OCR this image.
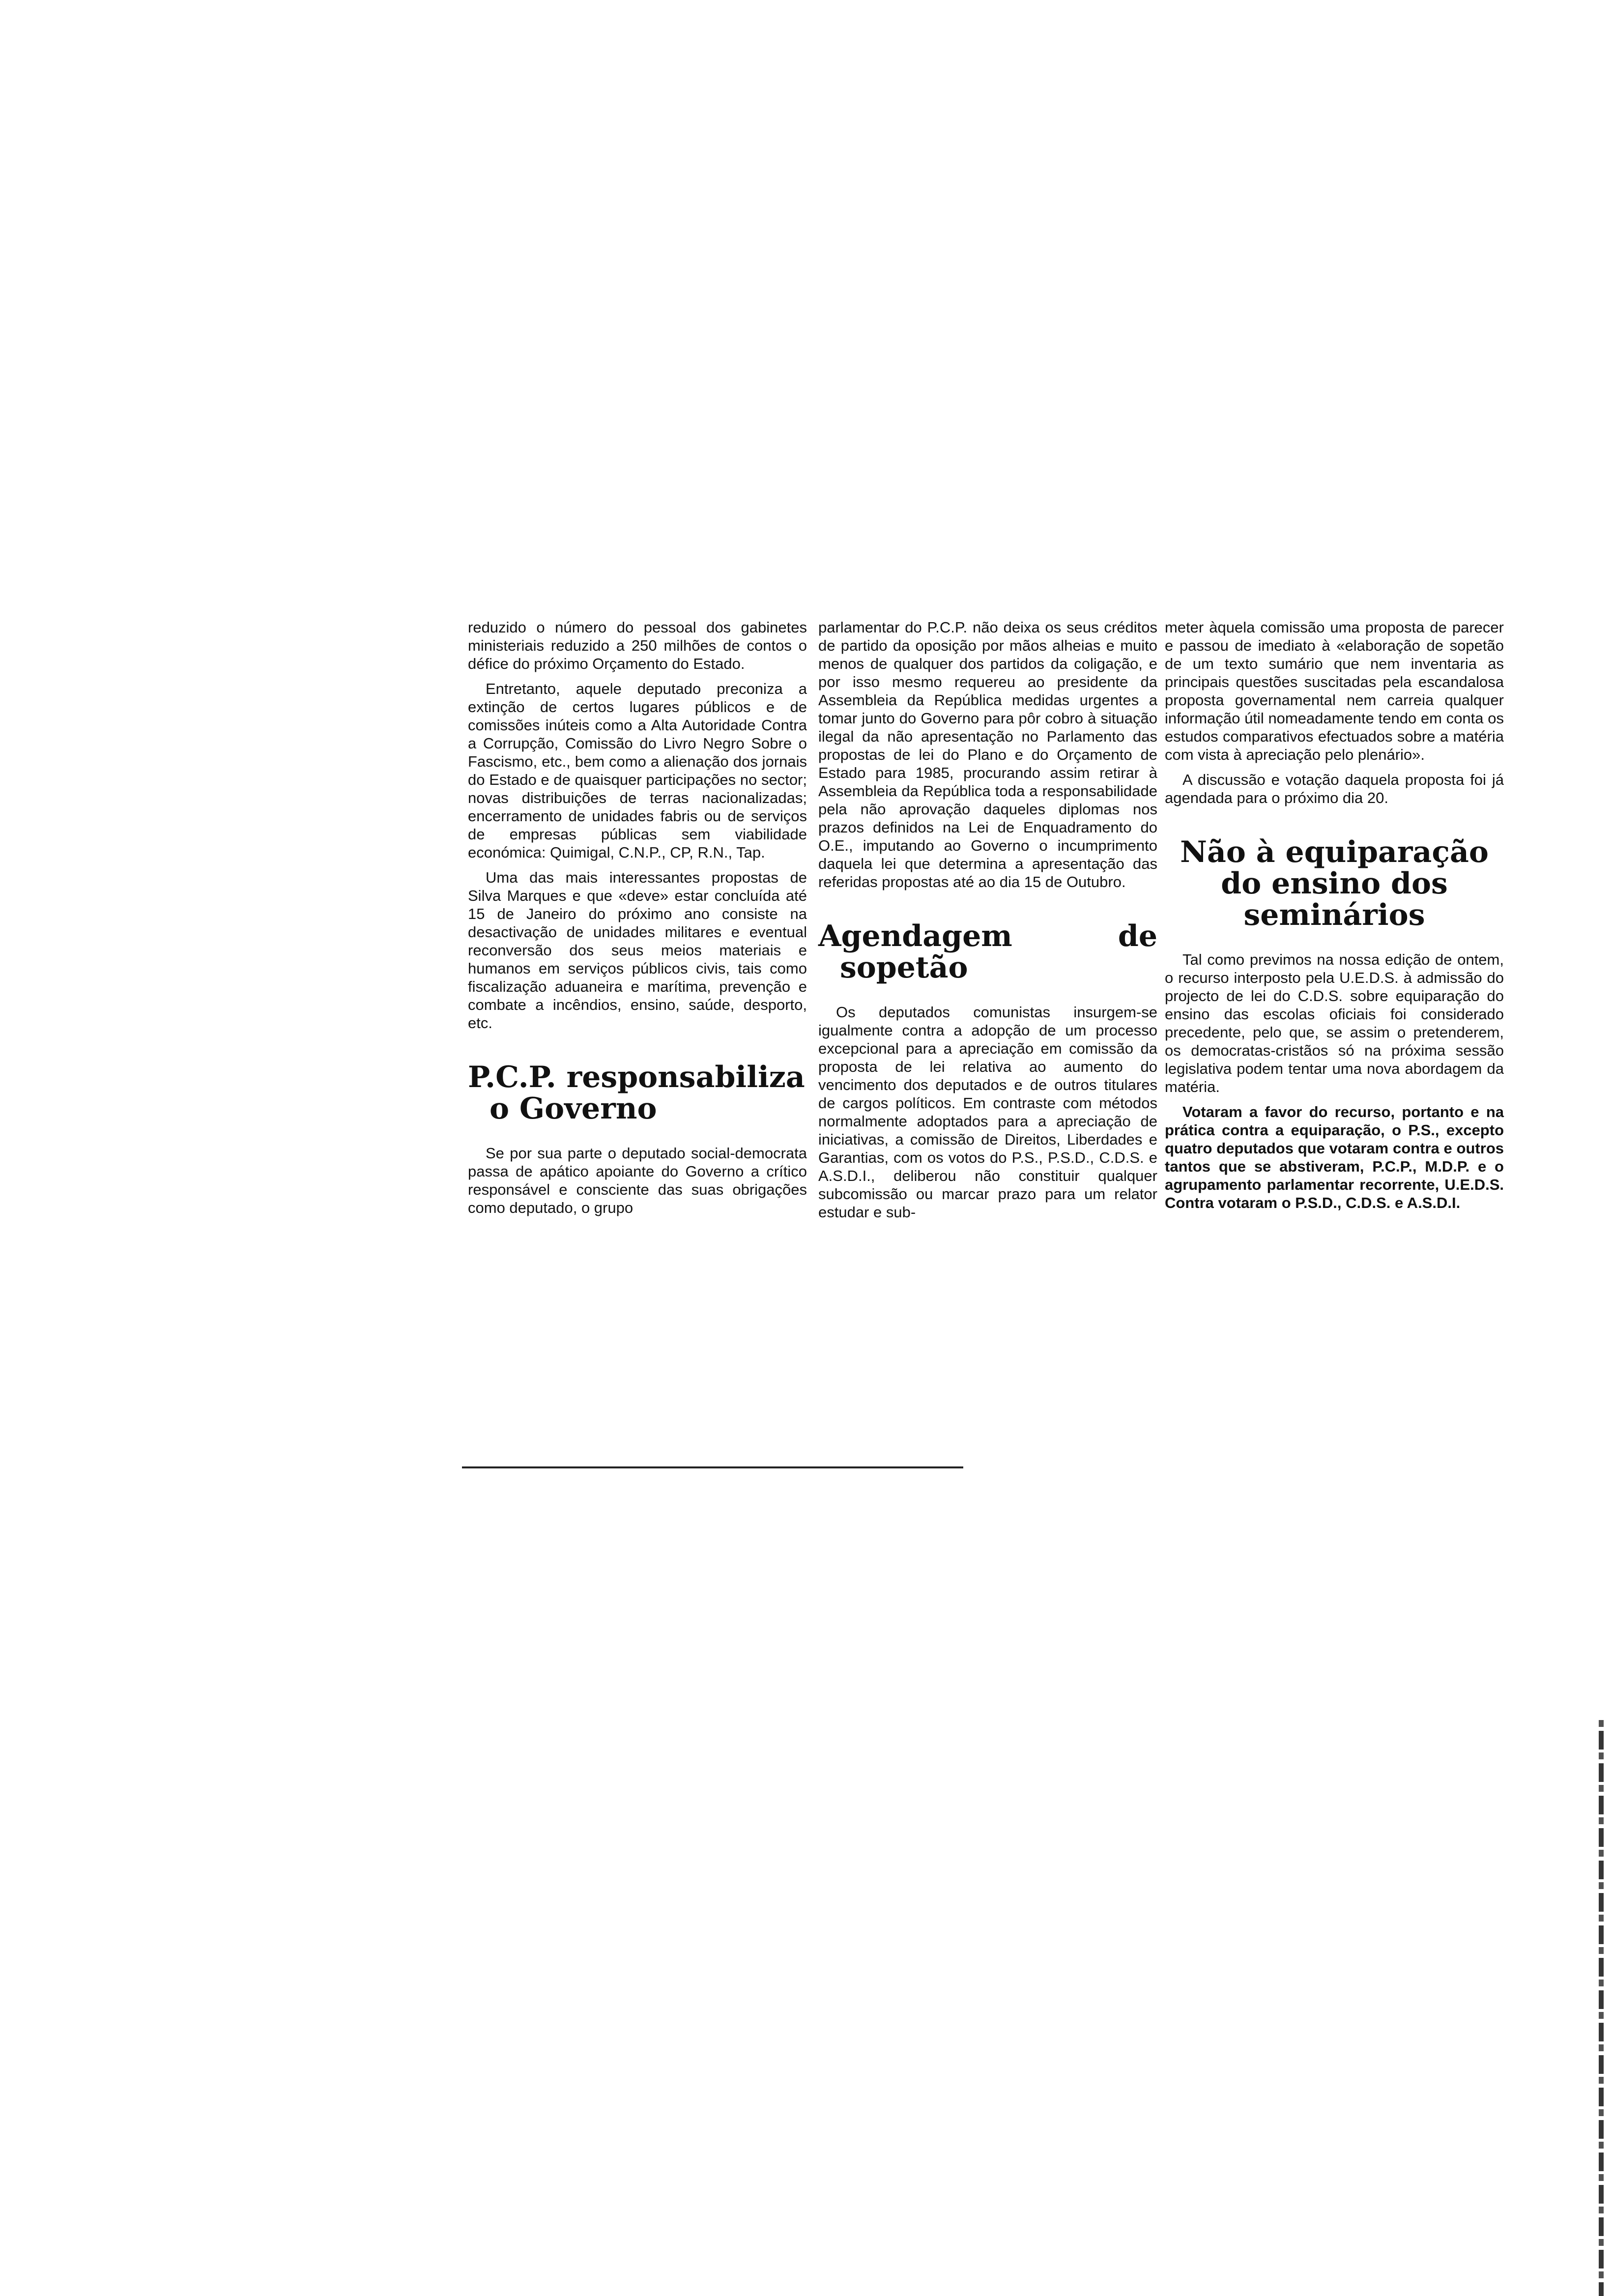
reduzido o número do pessoal dos gabinetes ministeriais reduzido a 250 milhões de contos o défice do próximo Orçamento do Estado.

Entretanto, aquele deputado preconiza a extinção de certos lugares públicos e de comissões inúteis como a Alta Autoridade Contra a Corrupção, Comissão do Livro Negro Sobre o Fascismo, etc., bem como a alienação dos jornais do Estado e de quaisquer participações no sector; novas distribuições de terras nacionalizadas; encerramento de unidades fabris ou de serviços de empresas públicas sem viabilidade económica: Quimigal, C.N.P., CP, R.N., Tap.

Uma das mais interessantes propostas de Silva Marques e que «deve» estar concluída até 15 de Janeiro do próximo ano consiste na desactivação de unidades militares e eventual reconversão dos seus meios materiais e humanos em serviços públicos civis, tais como fiscalização aduaneira e marítima, prevenção e combate a incêndios, ensino, saúde, desporto, etc.

P.C.P. responsabiliza
o Governo

Se por sua parte o deputado social-democrata passa de apático apoiante do Governo a crítico responsável e consciente das suas obrigações como deputado, o grupo

parlamentar do P.C.P. não deixa os seus créditos de partido da oposição por mãos alheias e muito menos de qualquer dos partidos da coligação, e por isso mesmo requereu ao presidente da Assembleia da República medidas urgentes a tomar junto do Governo para pôr cobro à situação ilegal da não apresentação no Parlamento das propostas de lei do Plano e do Orçamento de Estado para 1985, procurando assim retirar à Assembleia da República toda a responsabilidade pela não aprovação daqueles diplomas nos prazos definidos na Lei de Enquadramento do O.E., imputando ao Governo o incumprimento daquela lei que determina a apresentação das referidas propostas até ao dia 15 de Outubro.

Agendagem	de
sopetão

Os deputados comunistas insurgem-se igualmente contra a adopção de um processo excepcional para a apreciação em comissão da proposta de lei relativa ao aumento do vencimento dos deputados e de outros titulares de cargos políticos. Em contraste com métodos normalmente adoptados para a apreciação de iniciativas, a comissão de Direitos, Liberdades e Garantias, com os votos do P.S., P.S.D., C.D.S. e A.S.D.I., deliberou não constituir qualquer subcomissão ou marcar prazo para um relator estudar e sub-

meter àquela comissão uma proposta de parecer e passou de imediato à «elaboração de sopetão de um texto sumário que nem inventaria as principais questões suscitadas pela escandalosa proposta governamental nem carreia qualquer informação útil nomeadamente tendo em conta os estudos comparativos efectuados sobre a matéria com vista à apreciação pelo plenário».

A discussão e votação daquela proposta foi já agendada para o próximo dia 20.

Não à equiparação
do ensino dos seminários

Tal como previmos na nossa edição de ontem, o recurso interposto pela U.E.D.S. à admissão do projecto de lei do C.D.S. sobre equiparação do ensino das escolas oficiais foi considerado precedente, pelo que, se assim o pretenderem, os democratas-cristãos só na próxima sessão legislativa podem tentar uma nova abordagem da matéria.

Votaram a favor do recurso, portanto e na prática contra a equiparação, o P.S., excepto quatro deputados que votaram contra e outros tantos que se abstiveram, P.C.P., M.D.P. e o agrupamento parlamentar recorrente, U.E.D.S. Contra votaram o P.S.D., C.D.S. e A.S.D.I.
